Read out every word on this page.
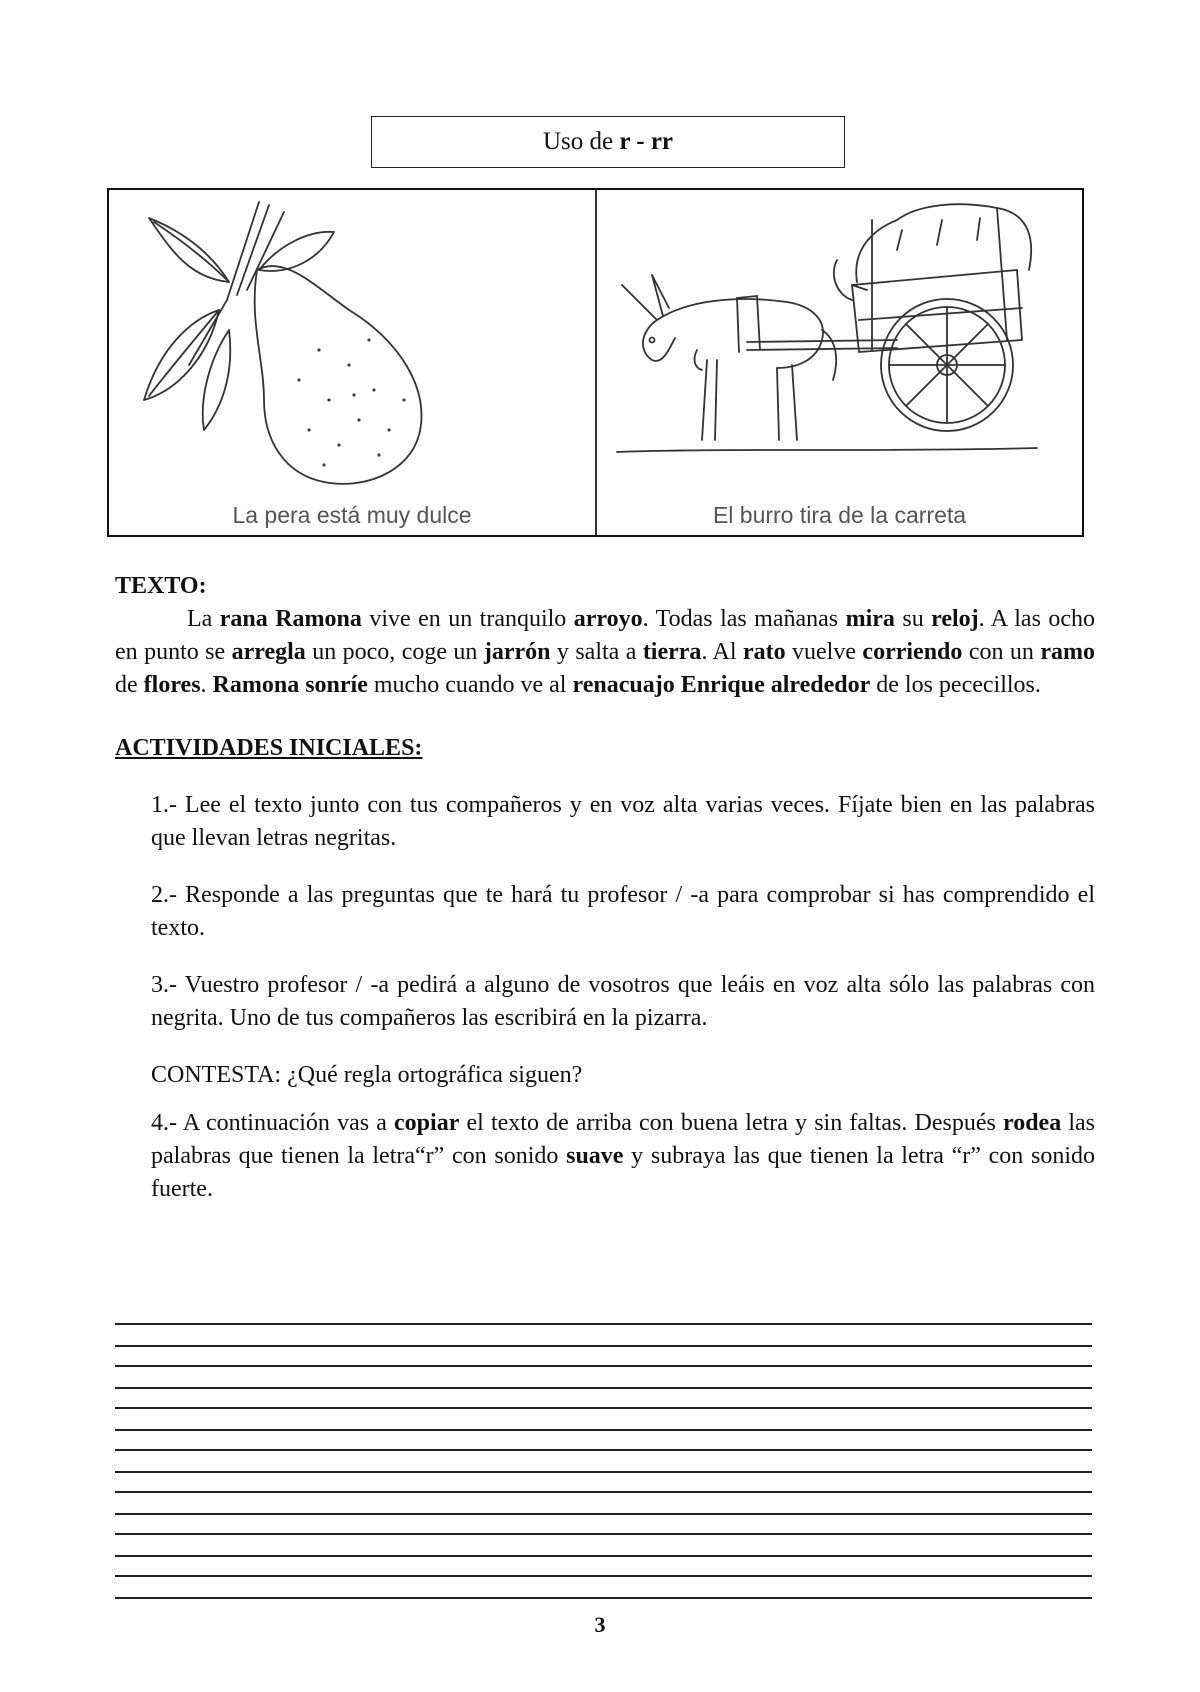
Uso de
r - rr
La pera está muy dulce	El burro tira de la carreta
TEXTO:

La rana Ramona vive en un tranquilo arroyo. Todas las mañanas mira su reloj. A las ocho en punto se arregla un poco, coge un jarrón y salta a tierra. Al rato vuelve corriendo con un ramo de flores. Ramona sonríe mucho cuando ve al renacuajo Enrique alrededor de los pececillos.

ACTIVIDADES INICIALES:

1.- Lee el texto junto con tus compañeros y en voz alta varias veces. Fíjate bien en las palabras que llevan letras negritas.

2.- Responde a las preguntas que te hará tu profesor / -a para comprobar si has comprendido el texto.

3.- Vuestro profesor / -a pedirá a alguno de vosotros que leáis en voz alta sólo las palabras con negrita. Uno de tus compañeros las escribirá en la pizarra.

CONTESTA: ¿Qué regla ortográfica siguen?

4.- A continuación vas a copiar el texto de arriba con buena letra y sin faltas. Después rodea las palabras que tienen la letra“r” con sonido suave y subraya las que tienen la letra “r” con sonido fuerte.

3
